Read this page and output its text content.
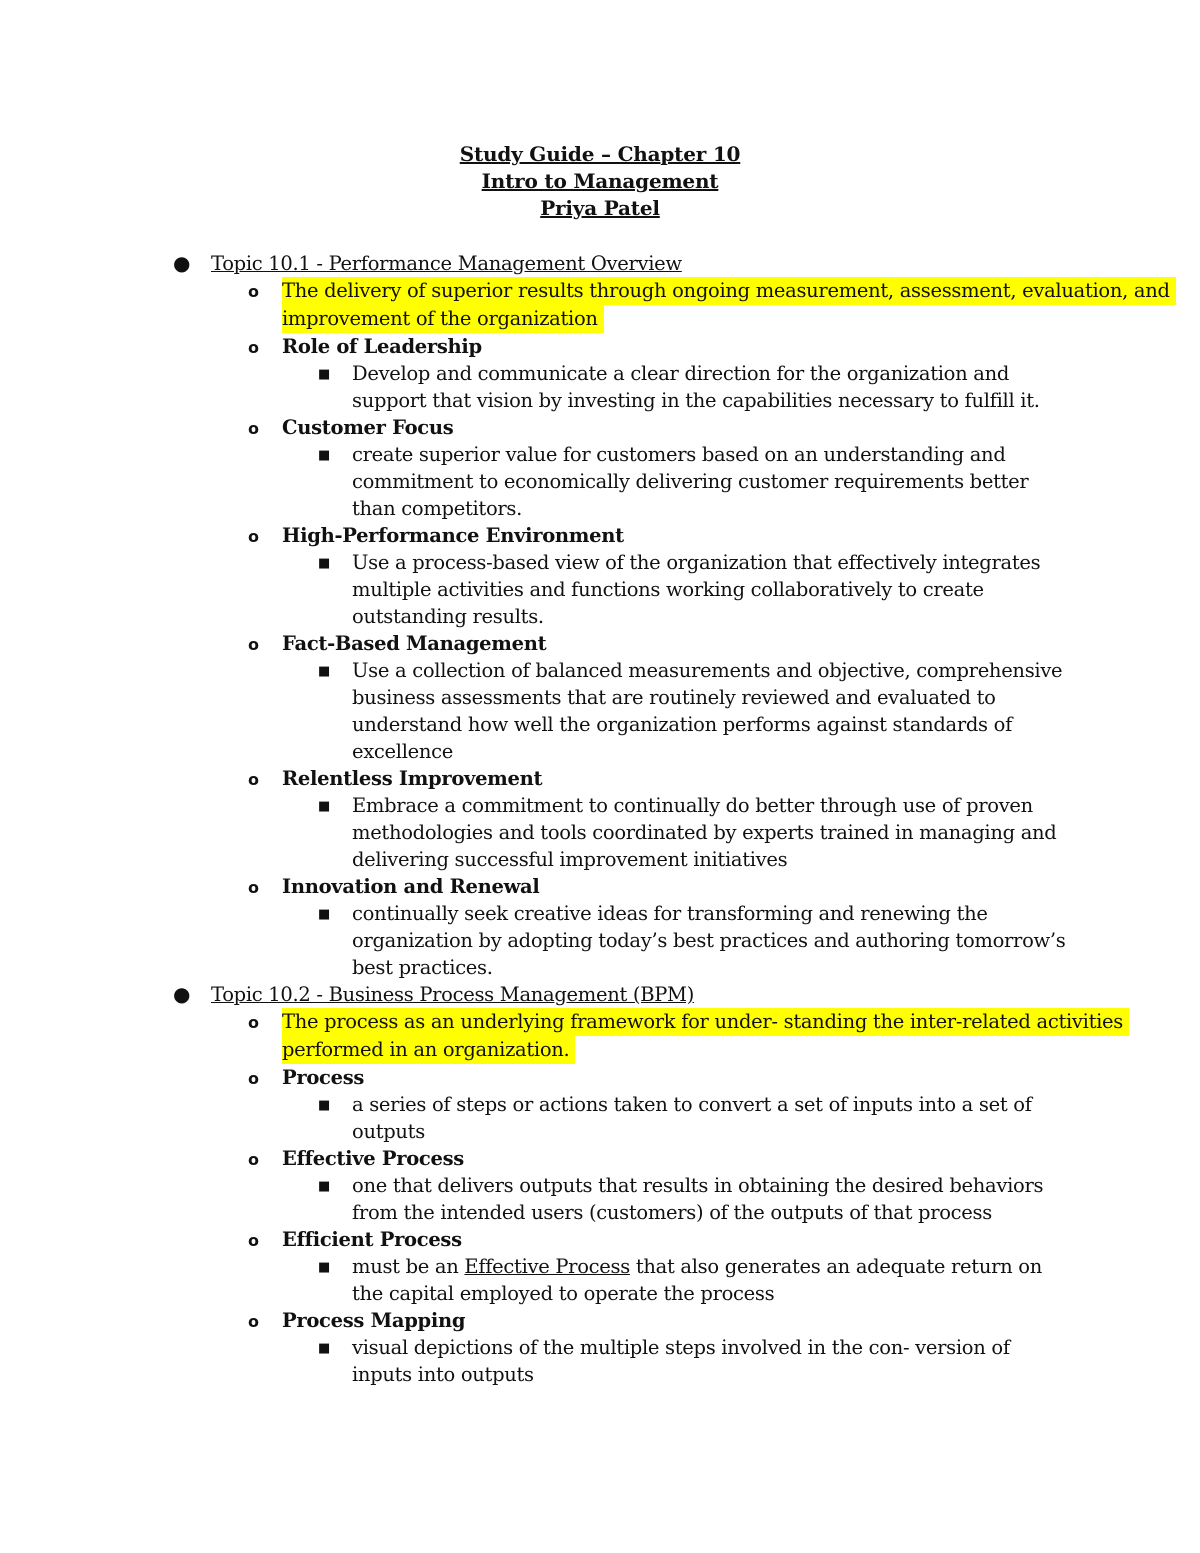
Study Guide – Chapter 10
Intro to Management
Priya Patel
● Topic 10.1 - Performance Management Overview
o The delivery of superior results through ongoing measurement, assessment, evaluation, and improvement of the organization
o Role of Leadership
■ Develop and communicate a clear direction for the organization and support that vision by investing in the capabilities necessary to fulfill it.
o Customer Focus
■ create superior value for customers based on an understanding and commitment to economically delivering customer requirements better than competitors.
o High-Performance Environment
■ Use a process-based view of the organization that effectively integrates multiple activities and functions working collaboratively to create outstanding results.
o Fact-Based Management
■ Use a collection of balanced measurements and objective, comprehensive business assessments that are routinely reviewed and evaluated to understand how well the organization performs against standards of excellence
o Relentless Improvement
■ Embrace a commitment to continually do better through use of proven methodologies and tools coordinated by experts trained in managing and delivering successful improvement initiatives
o Innovation and Renewal
■ continually seek creative ideas for transforming and renewing the organization by adopting today’s best practices and authoring tomorrow’s best practices.
● Topic 10.2 - Business Process Management (BPM)
o The process as an underlying framework for under- standing the inter-related activities performed in an organization.
o Process
■ a series of steps or actions taken to convert a set of inputs into a set of outputs
o Effective Process
■ one that delivers outputs that results in obtaining the desired behaviors from the intended users (customers) of the outputs of that process
o Efficient Process
■ must be an Effective Process that also generates an adequate return on the capital employed to operate the process
o Process Mapping
■ visual depictions of the multiple steps involved in the con- version of inputs into outputs
